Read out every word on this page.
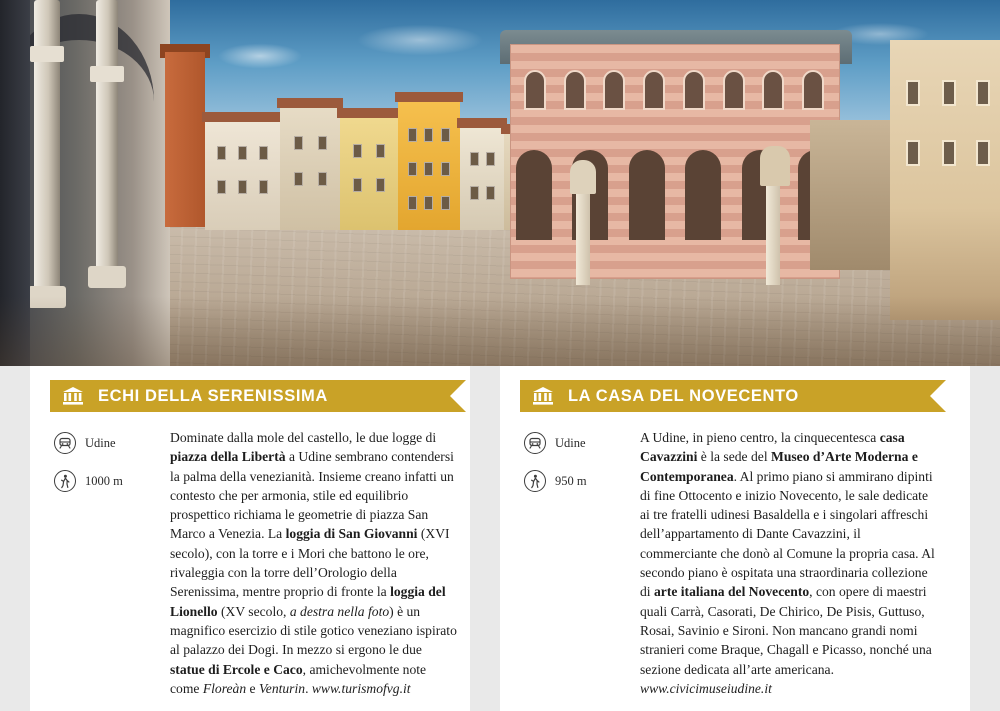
ECHI DELLA SERENISSIMA
Udine
1000 m
Dominate dalla mole del castello, le due logge di piazza della Libertà a Udine sembrano contendersi la palma della venezianità. Insieme creano infatti un contesto che per armonia, stile ed equilibrio prospettico richiama le geometrie di piazza San Marco a Venezia. La loggia di San Giovanni (XVI secolo), con la torre e i Mori che battono le ore, rivaleggia con la torre dell’Orologio della Serenissima, mentre proprio di fronte la loggia del Lionello (XV secolo, a destra nella foto) è un magnifico esercizio di stile gotico veneziano ispirato al palazzo dei Dogi. In mezzo si ergono le due statue di Ercole e Caco, amichevolmente note come Floreàn e Venturin. www.turismofvg.it
LA CASA DEL NOVECENTO
Udine
950 m
A Udine, in pieno centro, la cinquecentesca casa Cavazzini è la sede del Museo d’Arte Moderna e Contemporanea. Al primo piano si ammirano dipinti di fine Ottocento e inizio Novecento, le sale dedicate ai tre fratelli udinesi Basaldella e i singolari affreschi dell’appartamento di Dante Cavazzini, il commerciante che donò al Comune la propria casa. Al secondo piano è ospitata una straordinaria collezione di arte italiana del Novecento, con opere di maestri quali Carrà, Casorati, De Chirico, De Pisis, Guttuso, Rosai, Savinio e Sironi. Non mancano grandi nomi stranieri come Braque, Chagall e Picasso, nonché una sezione dedicata all’arte americana. www.civicimuseiudine.it
